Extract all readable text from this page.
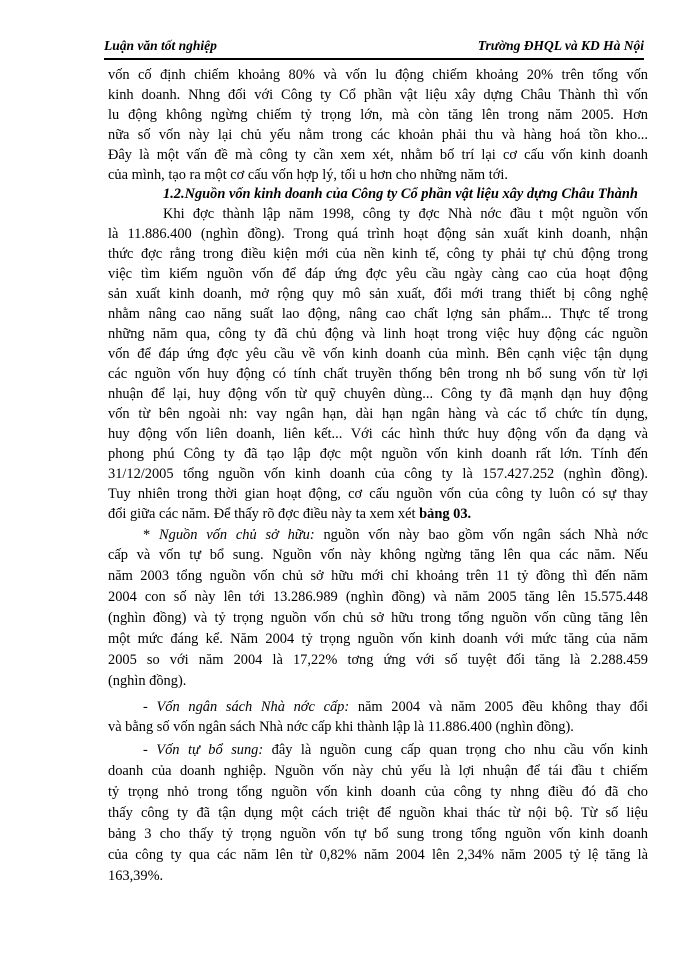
Luận văn tốt nghiệp	Trường ĐHQL và KD Hà Nội
vốn cố định chiếm khoảng 80% và vốn lu động chiếm khoảng 20% trên tổng vốn
kinh doanh. Nhng đối với Công ty Cổ phần vật liệu xây dựng Châu Thành thì vốn
lu động không ngừng chiếm tỷ trọng lớn, mà còn tăng lên trong năm 2005. Hơn
nữa số vốn này lại chủ yếu nằm trong các khoản phải thu và hàng hoá tồn kho...
Đây là một vấn đề mà công ty cần xem xét, nhằm bố trí lại cơ cấu vốn kinh doanh
của mình, tạo ra một cơ cấu vốn hợp lý, tối u hơn cho những năm tới.
1.2.Nguồn vốn kinh doanh của Công ty Cổ phần vật liệu xây dựng Châu Thành
Khi đợc thành lập năm 1998, công ty đợc Nhà nớc đầu t một nguồn vốn
là 11.886.400 (nghìn đồng). Trong quá trình hoạt động sản xuất kinh doanh, nhận
thức đợc rằng trong điều kiện mới của nền kinh tế, công ty phải tự chủ động trong
việc tìm kiếm nguồn vốn để đáp ứng đợc yêu cầu ngày càng cao của hoạt động
sản xuất kinh doanh, mở rộng quy mô sản xuất, đổi mới trang thiết bị công nghệ
nhằm nâng cao năng suất lao động, nâng cao chất lợng sản phẩm... Thực tế trong
những năm qua, công ty đã chủ động và linh hoạt trong việc huy động các nguồn
vốn để đáp ứng đợc yêu cầu về vốn kinh doanh của mình. Bên cạnh việc tận dụng
các nguồn vốn huy động có tính chất truyền thống bên trong nh bổ sung vốn từ lợi
nhuận để lại, huy động vốn từ quỹ chuyên dùng... Công ty đã mạnh dạn huy động
vốn từ bên ngoài nh: vay ngân hạn, dài hạn ngân hàng và các tổ chức tín dụng,
huy động vốn liên doanh, liên kết... Với các hình thức huy động vốn đa dạng và
phong phú Công ty đã tạo lập đợc một nguồn vốn kinh doanh rất lớn. Tính đến
31/12/2005 tổng nguồn vốn kinh doanh của công ty là 157.427.252 (nghìn đồng).
Tuy nhiên trong thời gian hoạt động, cơ cấu nguồn vốn của công ty luôn có sự thay
đổi giữa các năm. Để thấy rõ đợc điều này ta xem xét bảng 03.
* Nguồn vốn chủ sở hữu: nguồn vốn này bao gồm vốn ngân sách Nhà nớc
cấp và vốn tự bổ sung. Nguồn vốn này không ngừng tăng lên qua các năm. Nếu
năm 2003 tổng nguồn vốn chủ sở hữu mới chỉ khoảng trên 11 tỷ đồng thì đến năm
2004 con số này lên tới 13.286.989 (nghìn đồng) và năm 2005 tăng lên 15.575.448
(nghìn đồng) và tỷ trọng nguồn vốn chủ sở hữu trong tổng nguồn vốn cũng tăng lên
một mức đáng kể. Năm 2004 tỷ trọng nguồn vốn kinh doanh với mức tăng của năm
2005 so với năm 2004 là 17,22% tơng ứng với số tuyệt đối tăng là 2.288.459
(nghìn đồng).
- Vốn ngân sách Nhà nớc cấp: năm 2004 và năm 2005 đều không thay đổi
và bằng số vốn ngân sách Nhà nớc cấp khi thành lập là 11.886.400 (nghìn đồng).
- Vốn tự bổ sung: đây là nguồn cung cấp quan trọng cho nhu cầu vốn kinh
doanh của doanh nghiệp. Nguồn vốn này chủ yếu là lợi nhuận để tái đầu t chiếm
tỷ trọng nhỏ trong tổng nguồn vốn kinh doanh của công ty nhng điều đó đã cho
thấy công ty đã tận dụng một cách triệt để nguồn khai thác từ nội bộ. Từ số liệu
bảng 3 cho thấy tỷ trọng nguồn vốn tự bổ sung trong tổng nguồn vốn kinh doanh
của công ty qua các năm lên từ 0,82% năm 2004 lên 2,34% năm 2005 tỷ lệ tăng là
163,39%.
